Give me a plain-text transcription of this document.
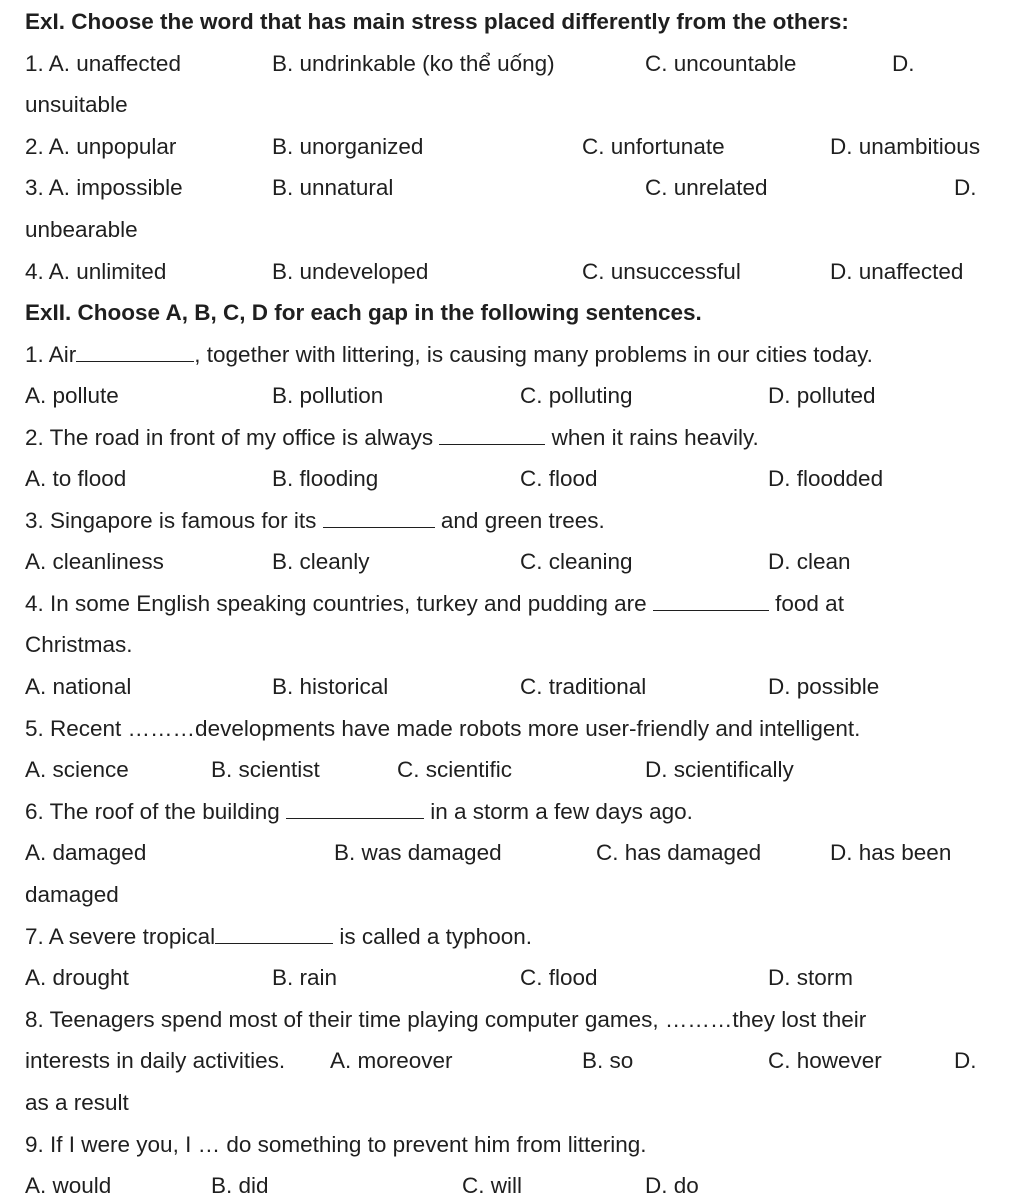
ExI. Choose the word that has main stress placed differently from the others:
1. A. unaffected	B. undrinkable (ko thể uống)	C. uncountable	D.
unsuitable
2. A. unpopular	B. unorganized	C. unfortunate	D. unambitious
3. A. impossible	B. unnatural	C. unrelated	D.
unbearable
4. A. unlimited	B. undeveloped	C. unsuccessful	D. unaffected
ExII. Choose A, B, C, D for each gap in the following sentences.
1. Air	, together with littering, is causing many problems in our cities today.
A. pollute	B. pollution	C. polluting	D. polluted
2. The road in front of my office is always	when it rains heavily.
A. to flood	B. flooding	C. flood	D. floodded
3. Singapore is famous for its	and green trees.
A. cleanliness	B. cleanly	C. cleaning	D. clean
4. In some English speaking countries, turkey and pudding are	food at
Christmas.
A. national	B. historical	C. traditional	D. possible
5. Recent ………developments have made robots more user-friendly and intelligent.
A. science	B. scientist	C. scientific	D. scientifically
6. The roof of the building	in a storm a few days ago.
A. damaged	B. was damaged	C. has damaged	D. has been
damaged
7. A severe tropical	is called a typhoon.
A. drought	B. rain	C. flood	D. storm
8. Teenagers spend most of their time playing computer games, ………they lost their
interests in daily activities. A. moreover	B. so	C. however	D.
as a result
9. If I were you, I … do something to prevent him from littering.
A. would	B. did	C. will	D. do
